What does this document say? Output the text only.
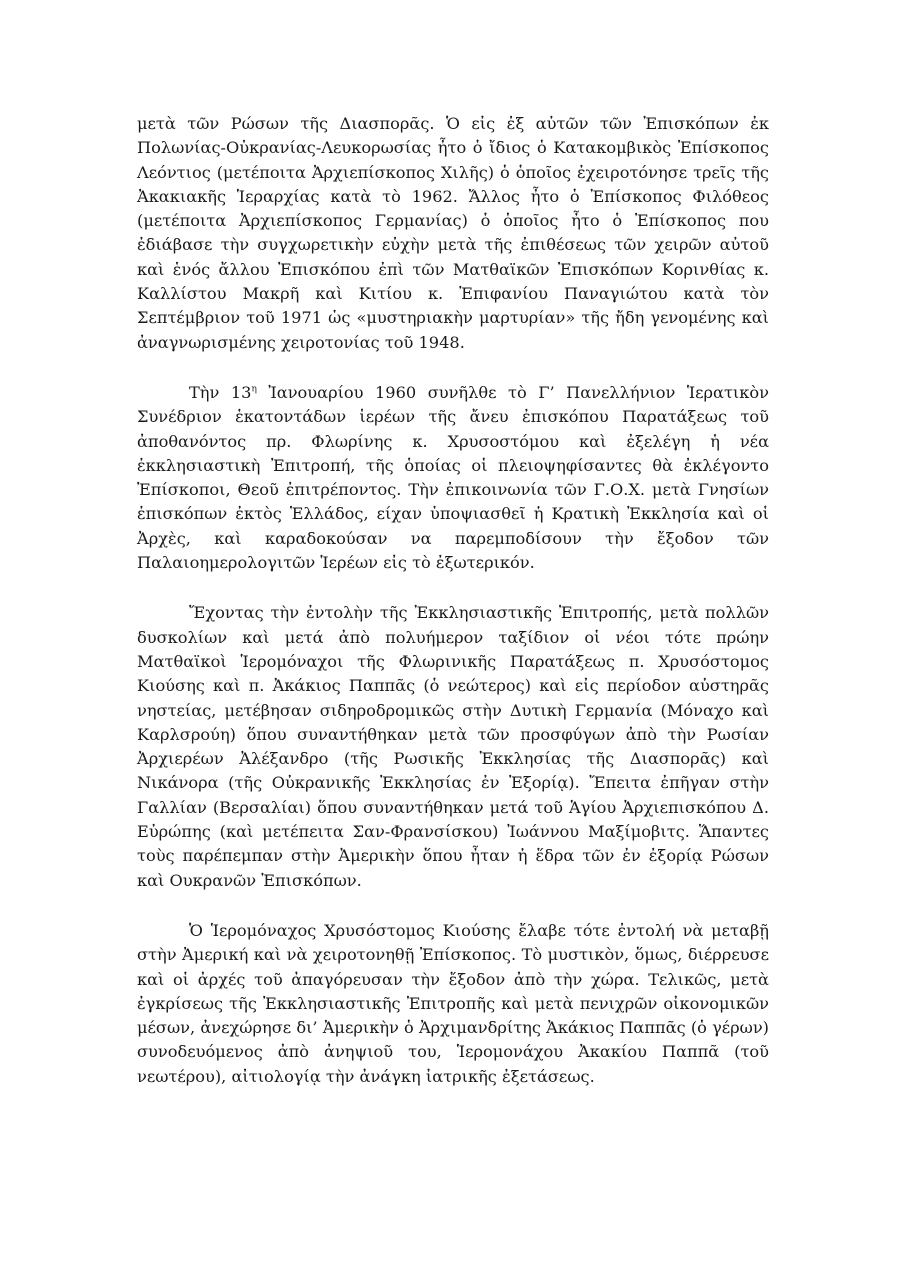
μετὰ τῶν Ρώσων τῆς Διασπορᾶς. Ὁ εἰς ἐξ αὐτῶν τῶν Ἐπισκόπων ἐκ Πολωνίας-Οὐκρανίας-Λευκορωσίας ἦτο ὁ ἴδιος ὁ Κατακομβικὸς Ἐπίσκοπος Λεόντιος (μετέποιτα Ἀρχιεπίσκοπος Χιλῆς) ὁ ὁποῖος ἐχειροτόνησε τρεῖς τῆς Ἀκακιακῆς Ἱεραρχίας κατὰ τὸ 1962. Ἄλλος ἦτο ὁ Ἐπίσκοπος Φιλόθεος (μετέποιτα Ἀρχιεπίσκοπος Γερμανίας) ὁ ὁποῖος ἦτο ὁ Ἐπίσκοπος που ἐδιάβασε τὴν συγχωρετικὴν εὐχὴν μετὰ τῆς ἐπιθέσεως τῶν χειρῶν αὐτοῦ καὶ ἑνός ἄλλου Ἐπισκόπου ἐπὶ τῶν Ματθαϊκῶν Ἐπισκόπων Κορινθίας κ. Καλλίστου Μακρῆ καὶ Κιτίου κ. Ἐπιφανίου Παναγιώτου κατὰ τὸν Σεπτέμβριον τοῦ 1971 ὡς «μυστηριακὴν μαρτυρίαν» τῆς ἤδη γενομένης καὶ ἀναγνωρισμένης χειροτονίας τοῦ 1948.

Τὴν $13^\eta$ Ἰανουαρίου 1960 συνῆλθε τὸ Γ’ Πανελλήνιον Ἱερατικὸν Συνέδριον ἑκατοντάδων ἱερέων τῆς ἄνευ ἐπισκόπου Παρατάξεως τοῦ ἀποθανόντος πρ. Φλωρίνης κ. Χρυσοστόμου καὶ ἐξελέγη ἡ νέα ἐκκλησιαστικὴ Ἐπιτροπή, τῆς ὁποίας οἱ πλειοψηφίσαντες θὰ ἐκλέγοντο Ἐπίσκοποι, Θεοῦ ἐπιτρέποντος. Τὴν ἐπικοινωνία τῶν Γ.Ο.Χ. μετὰ Γνησίων ἐπισκόπων ἐκτὸς Ἑλλάδος, είχαν ὑποψιασθεῖ ἡ Κρατικὴ Ἐκκλησία καὶ οἱ Ἀρχὲς, καὶ καραδοκούσαν να παρεμποδίσουν τὴν ἔξοδον τῶν Παλαιοημερολογιτῶν Ἱερέων εἰς τὸ ἐξωτερικόν.

Ἔχοντας τὴν ἐντολὴν τῆς Ἐκκλησιαστικῆς Ἐπιτροπής, μετὰ πολλῶν δυσκολίων καὶ μετά ἀπὸ πολυήμερον ταξίδιον οἱ νέοι τότε πρώην Ματθαϊκοὶ Ἱερομόναχοι τῆς Φλωρινικῆς Παρατάξεως π. Χρυσόστομος Κιούσης καὶ π. Ἀκάκιος Παππᾶς (ὁ νεώτερος) καὶ εἰς περίοδον αὐστηρᾶς νηστείας, μετέβησαν σιδηροδρομικῶς στὴν Δυτικὴ Γερμανία (Μόναχο καὶ Καρλσρούη) ὅπου συναντήθηκαν μετὰ τῶν προσφύγων ἀπὸ τὴν Ρωσίαν Ἀρχιερέων Ἀλέξανδρο (τῆς Ρωσικῆς Ἐκκλησίας τῆς Διασπορᾶς) καὶ Νικάνορα (τῆς Οὐκρανικῆς Ἐκκλησίας ἐν Ἐξορίᾳ). Ἔπειτα ἐπῆγαν στὴν Γαλλίαν (Βερσαλίαι) ὅπου συναντήθηκαν μετά τοῦ Ἁγίου Ἀρχιεπισκόπου Δ. Εὐρώπης (καὶ μετέπειτα Σαν-Φρανσίσκου) Ἰωάννου Μαξίμοβιτς. Ἅπαντες τοὺς παρέπεμπαν στὴν Ἀμερικὴν ὅπου ἦταν ἡ ἕδρα τῶν ἐν ἐξορίᾳ Ρώσων καὶ Ουκρανῶν Ἐπισκόπων.

Ὁ Ἱερομόναχος Χρυσόστομος Κιούσης ἔλαβε τότε ἐντολή νὰ μεταβῇ στὴν Ἀμερική καὶ νὰ χειροτονηθῇ Ἐπίσκοπος. Τὸ μυστικὸν, ὅμως, διέρρευσε καὶ οἱ ἀρχές τοῦ ἀπαγόρευσαν τὴν ἔξοδον ἀπὸ τὴν χώρα. Τελικῶς, μετὰ ἐγκρίσεως τῆς Ἐκκλησιαστικῆς Ἐπιτροπῆς καὶ μετὰ πενιχρῶν οἰκονομικῶν μέσων, ἀνεχώρησε δι’ Ἀμερικὴν ὁ Ἀρχιμανδρίτης Ἀκάκιος Παππᾶς (ὁ γέρων) συνοδευόμενος ἀπὸ ἀνηψιοῦ του, Ἱερομονάχου Ἀκακίου Παππᾶ (τοῦ νεωτέρου), αἰτιολογίᾳ τὴν ἀνάγκη ἰατρικῆς ἐξετάσεως.
